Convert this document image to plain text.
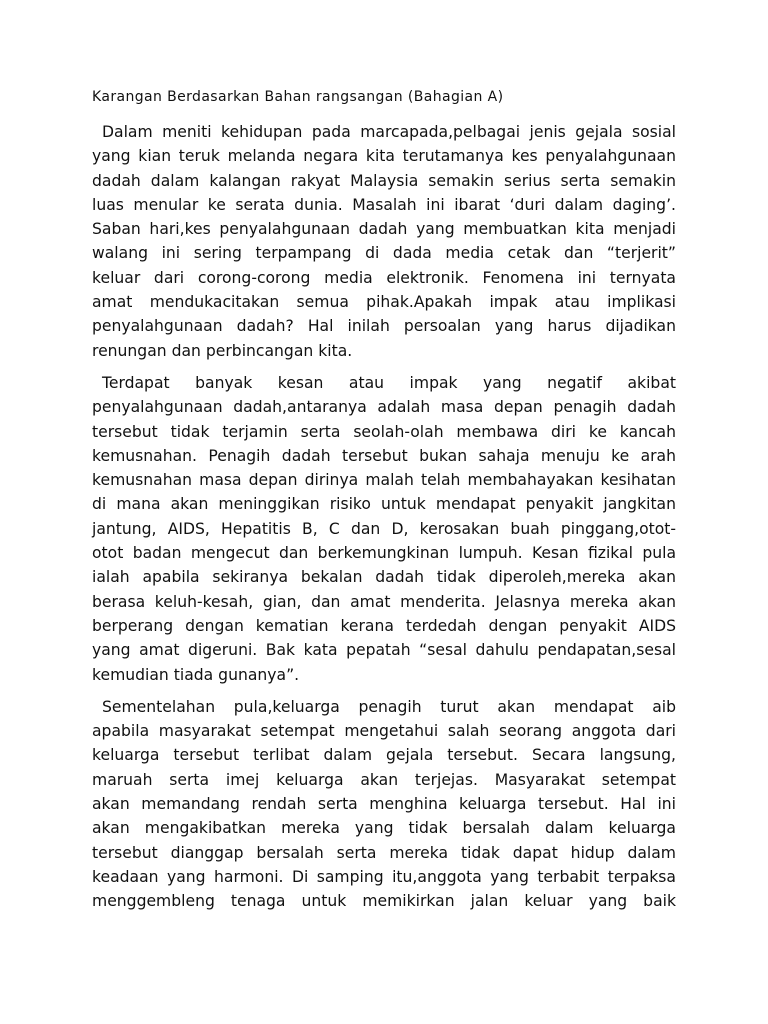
Karangan Berdasarkan Bahan rangsangan (Bahagian A)
Dalam meniti kehidupan pada marcapada,pelbagai jenis gejala sosial
yang kian teruk melanda negara kita terutamanya kes penyalahgunaan
dadah dalam kalangan rakyat Malaysia semakin serius serta semakin
luas menular ke serata dunia. Masalah ini ibarat ‘duri dalam daging’.
Saban hari,kes penyalahgunaan dadah yang membuatkan kita menjadi
walang ini sering terpampang di dada media cetak dan “terjerit”
keluar dari corong-corong media elektronik. Fenomena ini ternyata
amat mendukacitakan semua pihak.Apakah impak atau implikasi
penyalahgunaan dadah? Hal inilah persoalan yang harus dijadikan
renungan dan perbincangan kita.
Terdapat banyak kesan atau impak yang negatif akibat
penyalahgunaan dadah,antaranya adalah masa depan penagih dadah
tersebut tidak terjamin serta seolah-olah membawa diri ke kancah
kemusnahan. Penagih dadah tersebut bukan sahaja menuju ke arah
kemusnahan masa depan dirinya malah telah membahayakan kesihatan
di mana akan meninggikan risiko untuk mendapat penyakit jangkitan
jantung, AIDS, Hepatitis B, C dan D, kerosakan buah pinggang,otot-
otot badan mengecut dan berkemungkinan lumpuh. Kesan fizikal pula
ialah apabila sekiranya bekalan dadah tidak diperoleh,mereka akan
berasa keluh-kesah, gian, dan amat menderita. Jelasnya mereka akan
berperang dengan kematian kerana terdedah dengan penyakit AIDS
yang amat digeruni. Bak kata pepatah “sesal dahulu pendapatan,sesal
kemudian tiada gunanya”.
Sementelahan pula,keluarga penagih turut akan mendapat aib
apabila masyarakat setempat mengetahui salah seorang anggota dari
keluarga tersebut terlibat dalam gejala tersebut. Secara langsung,
maruah serta imej keluarga akan terjejas. Masyarakat setempat
akan memandang rendah serta menghina keluarga tersebut. Hal ini
akan mengakibatkan mereka yang tidak bersalah dalam keluarga
tersebut dianggap bersalah serta mereka tidak dapat hidup dalam
keadaan yang harmoni. Di samping itu,anggota yang terbabit terpaksa
menggembleng tenaga untuk memikirkan jalan keluar yang baik
